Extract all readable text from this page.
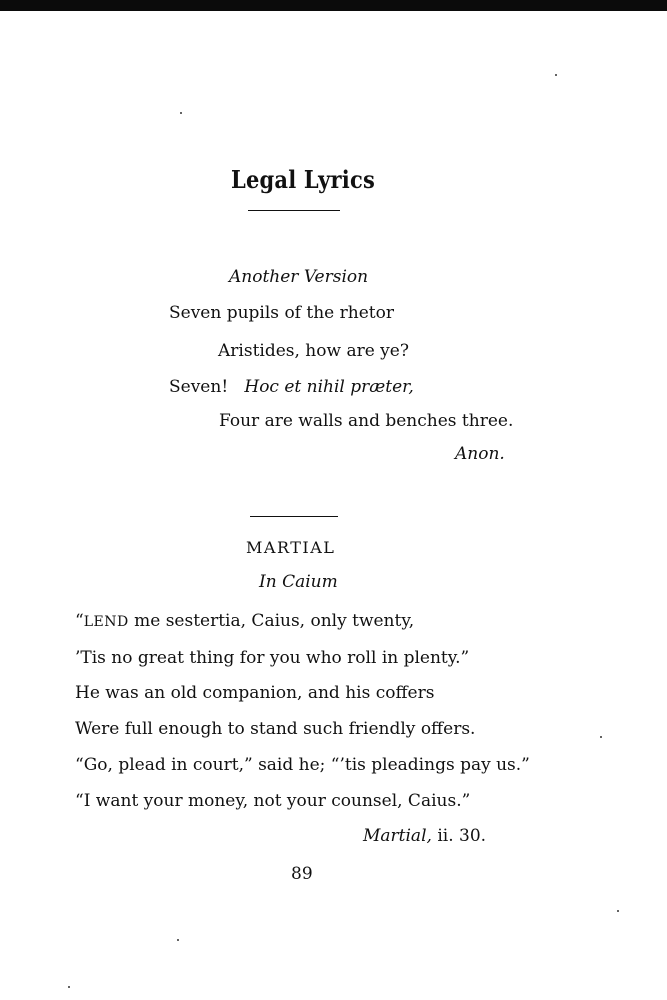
Legal Lyrics
Another Version
Seven pupils of the rhetor
Aristides, how are ye?
Seven! Hoc et nihil præter,
Four are walls and benches three.
Anon.
MARTIAL
In Caium
“LEND me sestertia, Caius, only twenty,
’Tis no great thing for you who roll in plenty.”
He was an old companion, and his coffers
Were full enough to stand such friendly offers.
“Go, plead in court,” said he; “’tis pleadings pay us.”
“I want your money, not your counsel, Caius.”
Martial, ii. 30.
89
